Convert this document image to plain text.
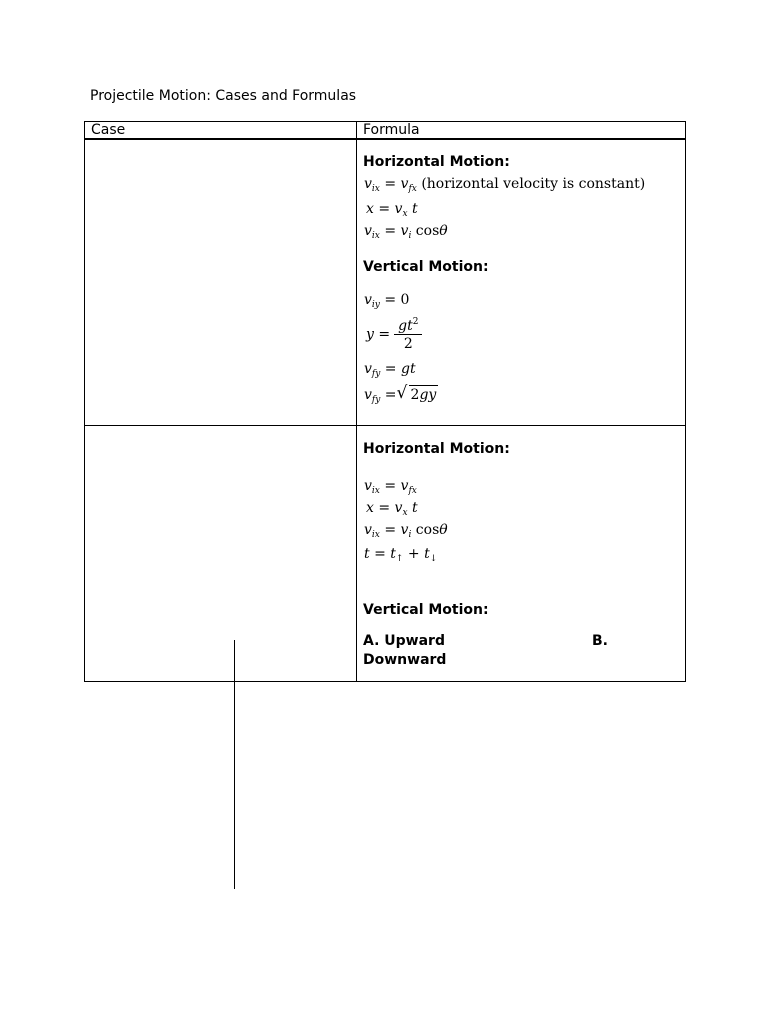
Projectile Motion: Cases and Formulas
Case	Formula
Horizontal Motion:
$v_{ix} = v_{fx}$ (horizontal velocity is constant)
$x = v_x$ t
$v_{ix} = v_i$ cosθ
Vertical Motion:
$v_{iy} = 0$
$y = \frac{gt^2}{2}$
$v_{fy}$ = gt
$v_{fy}$ = √ 2gy
Horizontal Motion:
$v_{ix} = v_{fx}$
$x = v_x$ t
$v_{ix} = v_i$ cosθ
$t = t_↑ + t_↓$
Vertical Motion:
A. Upward	B.
Downward
